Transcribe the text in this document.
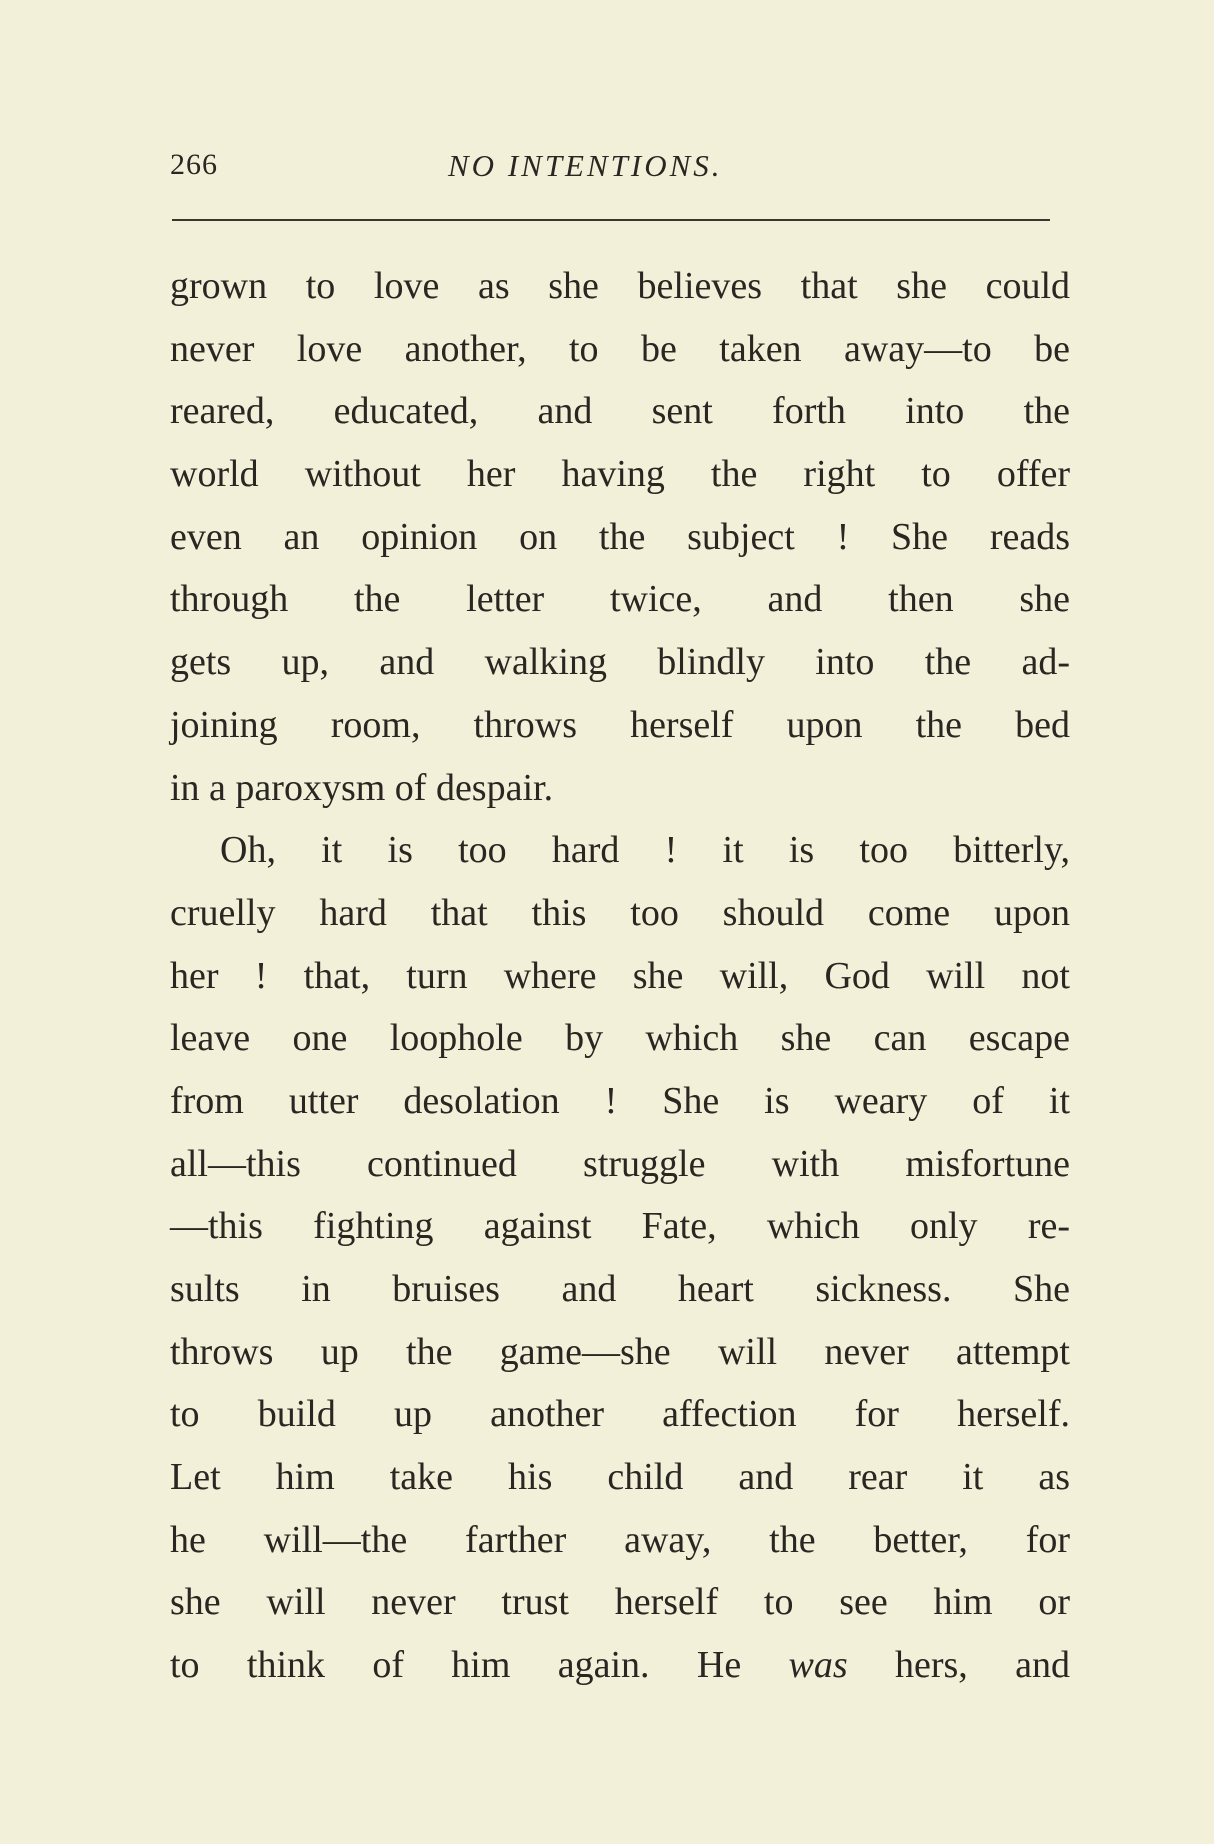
266	NO INTENTIONS.
grown to love as she believes that she could
never love another, to be taken away—to be
reared, educated, and sent forth into the
world without her having the right to offer
even an opinion on the subject ! She reads
through the letter twice, and then she
gets up, and walking blindly into the ad-
joining room, throws herself upon the bed
in a paroxysm of despair.
Oh, it is too hard ! it is too bitterly,
cruelly hard that this too should come upon
her ! that, turn where she will, God will not
leave one loophole by which she can escape
from utter desolation ! She is weary of it
all—this continued struggle with misfortune
—this fighting against Fate, which only re-
sults in bruises and heart sickness. She
throws up the game—she will never attempt
to build up another affection for herself.
Let him take his child and rear it as
he will—the farther away, the better, for
she will never trust herself to see him or
to think of him again. He was hers, and
